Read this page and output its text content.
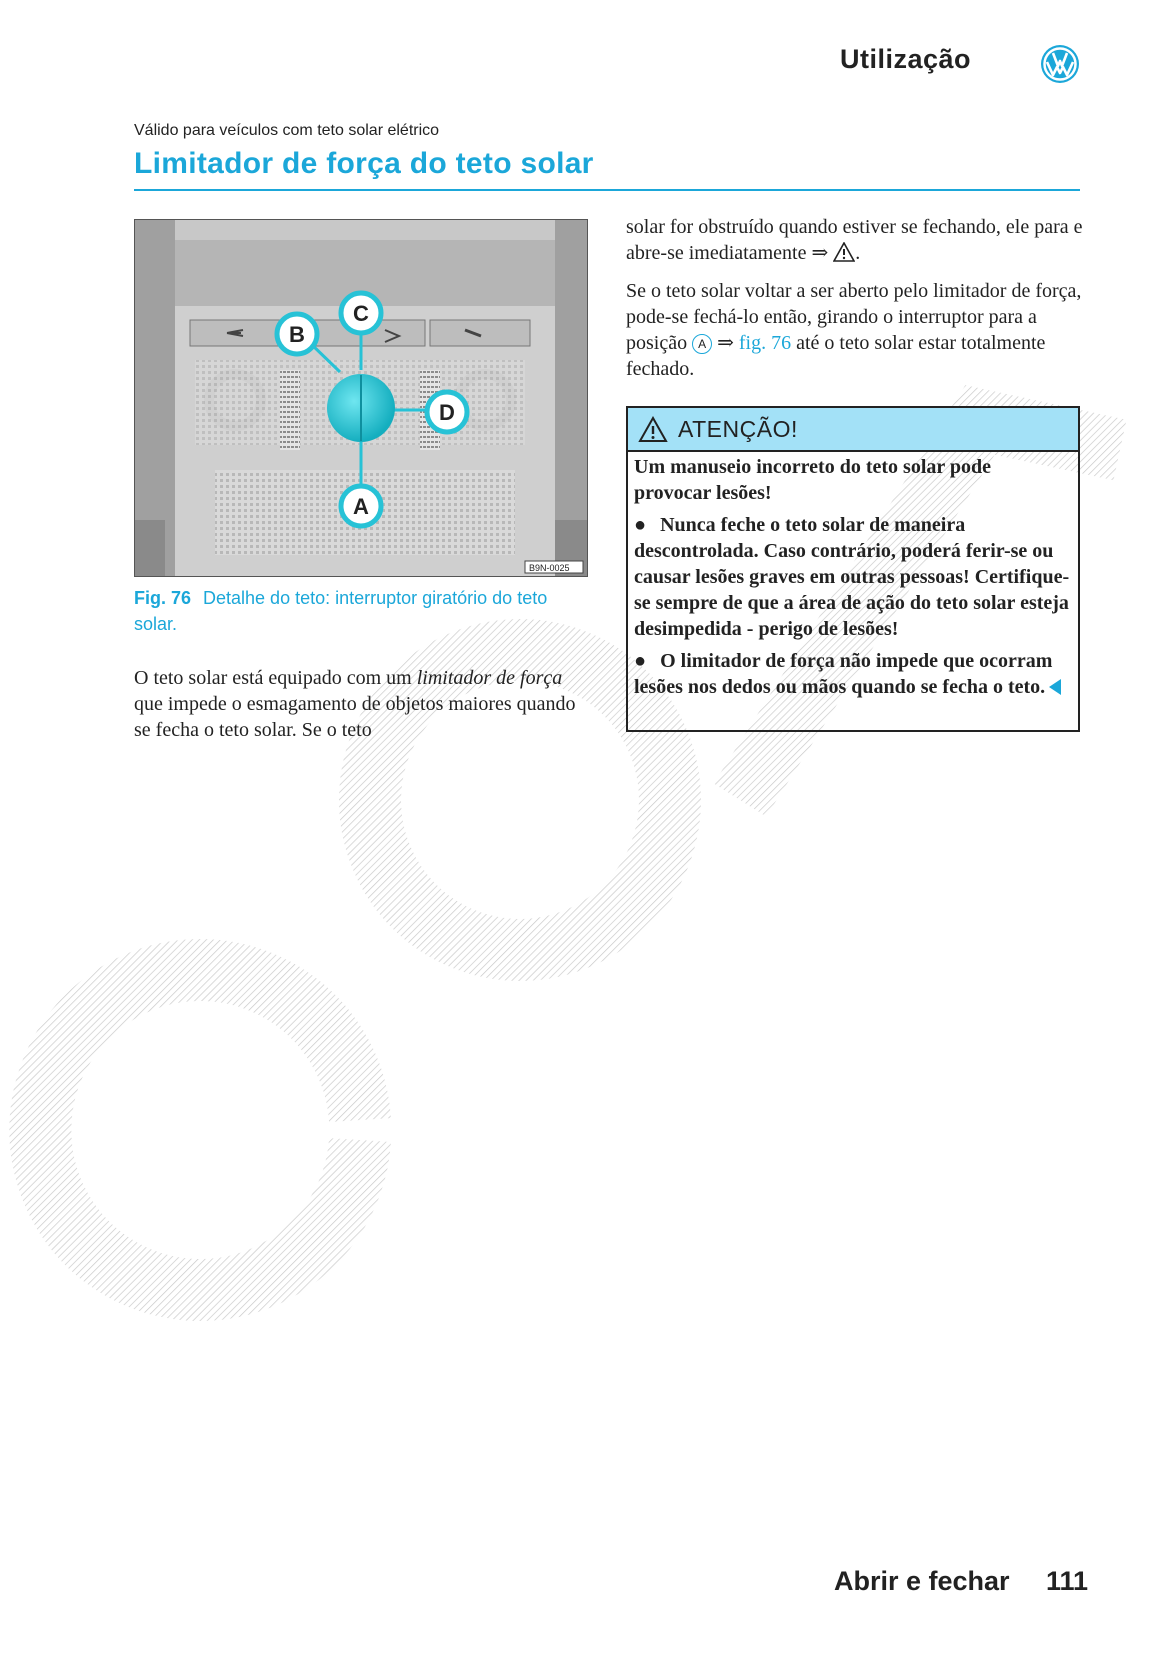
Utilização
Válido para veículos com teto solar elétrico
Limitador de força do teto solar
B9N-0025
C
B
D
A
Fig. 76 Detalhe do teto: interruptor giratório do teto solar.
O teto solar está equipado com um limitador de força que impede o esmagamento de objetos maiores quando se fecha o teto solar. Se o teto
solar for obstruído quando estiver se fechando, ele para e abre-se imediatamente ⇒ .
Se o teto solar voltar a ser aberto pelo limitador de força, pode-se fechá-lo então, girando o interruptor para a posição A ⇒ fig. 76 até o teto solar estar totalmente fechado.
ATENÇÃO!

Um manuseio incorreto do teto solar pode provocar lesões!

● Nunca feche o teto solar de maneira descontrolada. Caso contrário, poderá ferir-se ou causar lesões graves em outras pessoas! Certifique-se sempre de que a área de ação do teto solar esteja desimpedida - perigo de lesões!

● O limitador de força não impede que ocorram lesões nos dedos ou mãos quando se fecha o teto.

Abrir e fechar 111
